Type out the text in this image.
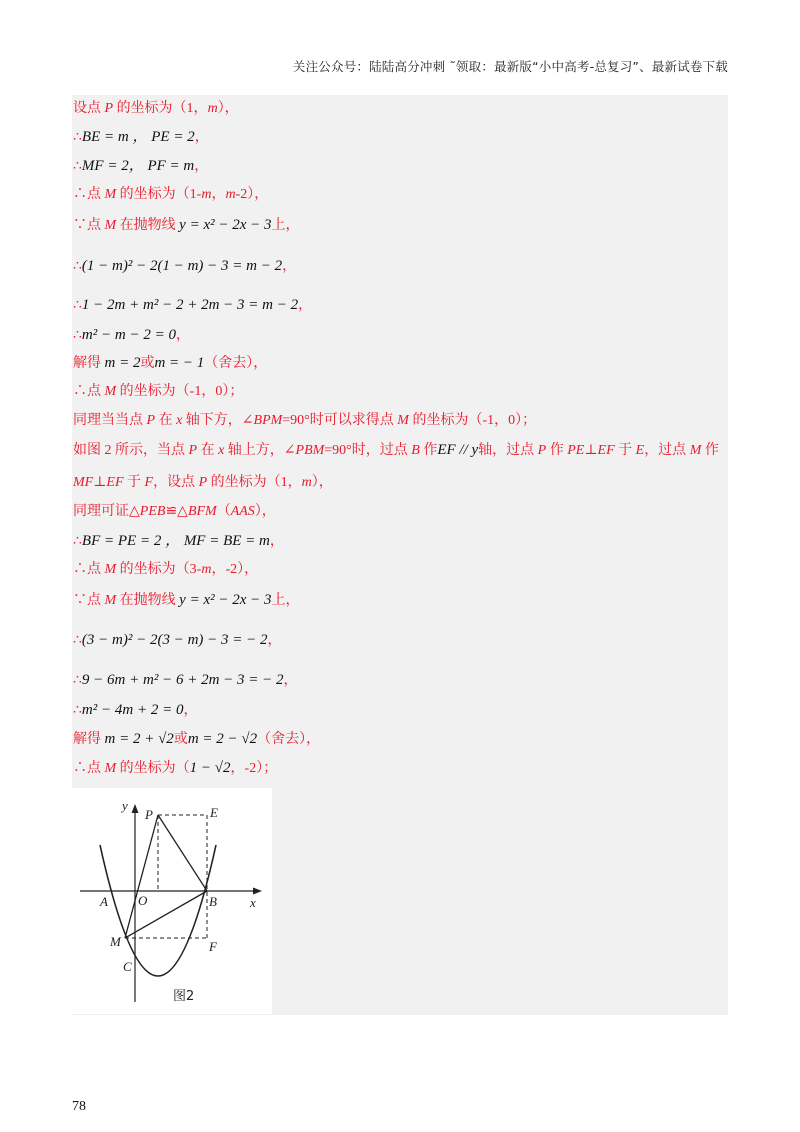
关注公众号：陆陆高分冲刺 ˜领取：最新版“小中高考-总复习”、最新试卷下载
设点 P 的坐标为（1，m），
∴BE = m ， PE = 2，
∴MF = 2， PF = m，
∴点 M 的坐标为（1-m，m-2），
∵点 M 在抛物线 y = x² − 2x − 3上，
∴(1 − m)² − 2(1 − m) − 3 = m − 2，
∴1 − 2m + m² − 2 + 2m − 3 = m − 2，
∴m² − m − 2 = 0，
解得 m = 2或m = − 1（舍去），
∴点 M 的坐标为（-1，0）；
同理当当点 P 在 x 轴下方，∠BPM=90°时可以求得点 M 的坐标为（-1，0）；
如图 2 所示，当点 P 在 x 轴上方，∠PBM=90°时，过点 B 作EF // y轴，过点 P 作 PE⊥EF 于 E，过点 M 作
MF⊥EF 于 F，设点 P 的坐标为（1，m），
同理可证△PEB≌△BFM（AAS），
∴BF = PE = 2 ， MF = BE = m，
∴点 M 的坐标为（3-m，-2），
∵点 M 在抛物线 y = x² − 2x − 3上，
∴(3 − m)² − 2(3 − m) − 3 = − 2，
∴9 − 6m + m² − 6 + 2m − 3 = − 2，
∴m² − 4m + 2 = 0，
解得 m = 2 + √2或m = 2 − √2（舍去），
∴点 M 的坐标为（1 − √2，-2）；
y
x
P	E
A O	B
M	F
C
图2
78
